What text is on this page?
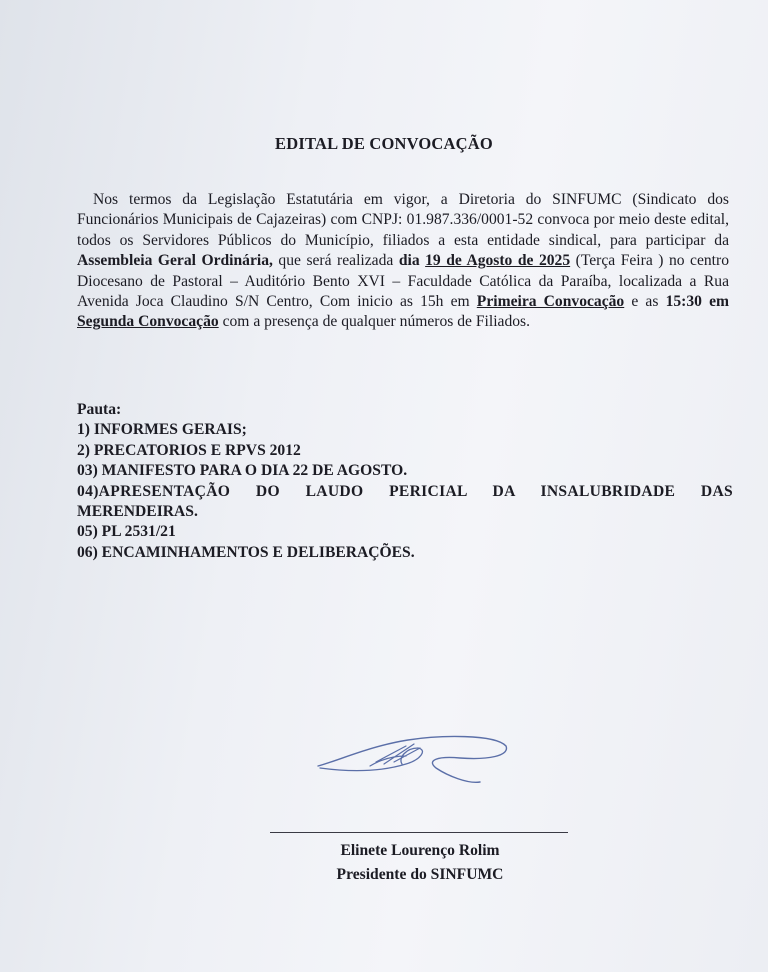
EDITAL DE CONVOCAÇÃO
Nos termos da Legislação Estatutária em vigor, a Diretoria do SINFUMC (Sindicato dos Funcionários Municipais de Cajazeiras) com CNPJ: 01.987.336/0001-52 convoca por meio deste edital, todos os Servidores Públicos do Município, filiados a esta entidade sindical, para participar da Assembleia Geral Ordinária, que será realizada dia 19 de Agosto de 2025 (Terça Feira ) no centro Diocesano de Pastoral – Auditório Bento XVI – Faculdade Católica da Paraíba, localizada a Rua Avenida Joca Claudino S/N Centro, Com inicio as 15h em Primeira Convocação e as 15:30 em Segunda Convocação com a presença de qualquer números de Filiados.
Pauta:
1) INFORMES GERAIS;
2) PRECATORIOS E RPVS 2012
03) MANIFESTO PARA O DIA 22 DE AGOSTO.
04)APRESENTAÇÃO DO LAUDO PERICIAL DA INSALUBRIDADE DAS
MERENDEIRAS.
05) PL 2531/21
06) ENCAMINHAMENTOS E DELIBERAÇÕES.
Elinete Lourenço Rolim
Presidente do SINFUMC
